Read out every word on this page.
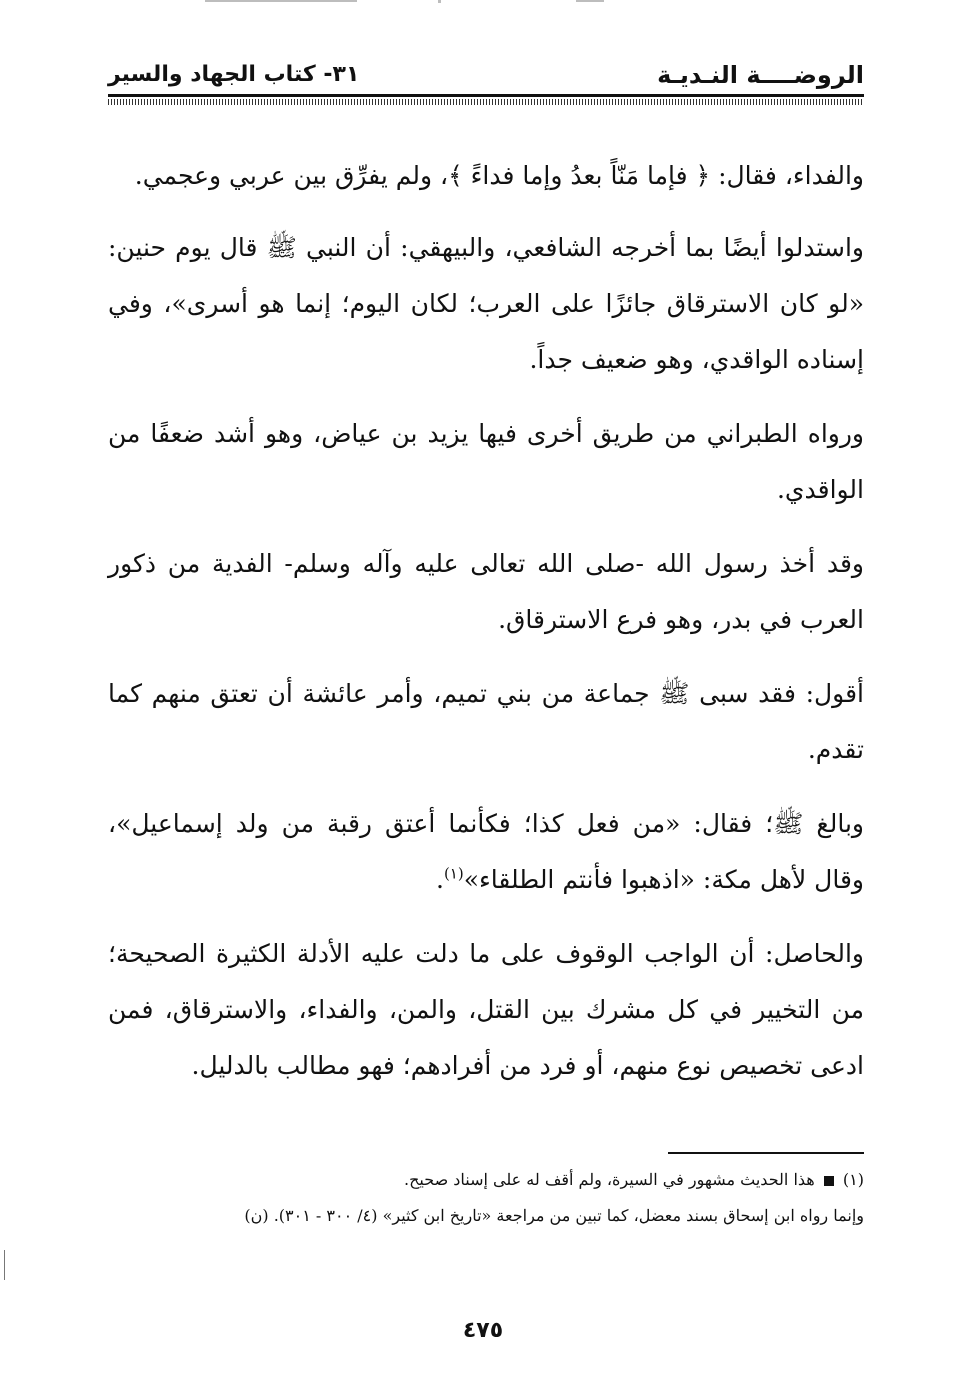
الروضــــة النـديـة
٣١- كتاب الجهاد والسير

والفداء، فقال: ﴿ فإما مَنّاً بعدُ وإما فداءً ﴾، ولم يفرِّق بين عربي وعجمي.

واستدلوا أيضًا بما أخرجه الشافعي، والبيهقي: أن النبي ﷺ قال يوم حنين: «لو كان الاسترقاق جائزًا على العرب؛ لكان اليوم؛ إنما هو أسرى»، وفي إسناده الواقدي، وهو ضعيف جداً.

ورواه الطبراني من طريق أخرى فيها يزيد بن عياض، وهو أشد ضعفًا من الواقدي.

وقد أخذ رسول الله -صلى الله تعالى عليه وآله وسلم- الفدية من ذكور العرب في بدر، وهو فرع الاسترقاق.

أقول: فقد سبى ﷺ جماعة من بني تميم، وأمر عائشة أن تعتق منهم كما تقدم.

وبالغ ﷺ؛ فقال: «من فعل كذا؛ فكأنما أعتق رقبة من ولد إسماعيل»، وقال لأهل مكة: «اذهبوا فأنتم الطلقاء»$^{(١)}$.

والحاصل: أن الواجب الوقوف على ما دلت عليه الأدلة الكثيرة الصحيحة؛ من التخيير في كل مشرك بين القتل، والمن، والفداء، والاسترقاق، فمن ادعى تخصيص نوع منهم، أو فرد من أفرادهم؛ فهو مطالب بالدليل.

(١)  هذا الحديث مشهور في السيرة، ولم أقف له على إسناد صحيح.

وإنما رواه ابن إسحاق بسند معضل، كما تبين من مراجعة «تاريخ ابن كثير» (٤/ ٣٠٠ - ٣٠١). (ن)

٤٧٥
